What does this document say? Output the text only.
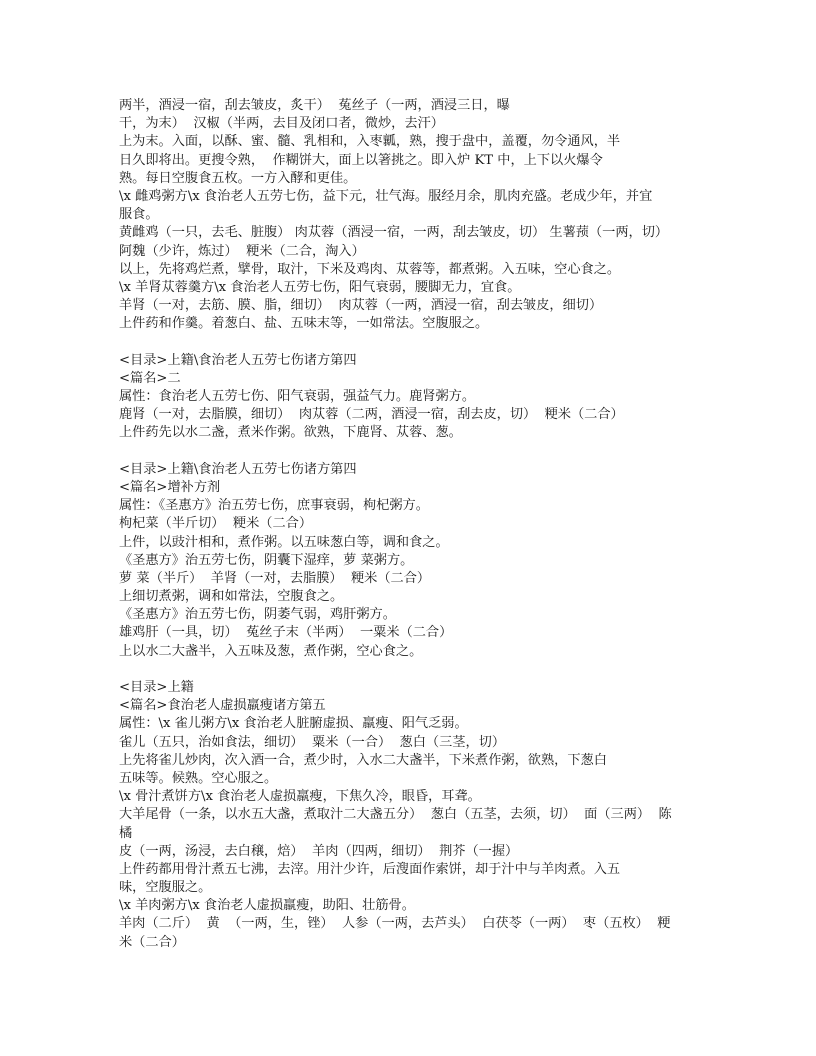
两半，酒浸一宿，刮去皱皮，炙干）  菟丝子（一两，酒浸三日，曝
干，为末）  汉椒（半两，去目及闭口者，微炒，去汗）
上为末。入面，以酥、蜜、髓、乳相和，入枣瓤，熟，搜于盘中，盖覆，勿令通风，半
日久即将出。更搜令熟，  作糊饼大，面上以箸挑之。即入炉 KT 中，上下以火爆令
熟。每日空腹食五枚。一方入酵和更佳。
\x 雌鸡粥方\x 食治老人五劳七伤，益下元，壮气海。服经月余，肌肉充盛。老成少年，并宜
服食。
黄雌鸡（一只，去毛、脏腹） 肉苁蓉（酒浸一宿，一两，刮去皱皮，切） 生薯蓣（一两，切）
阿魏（少许，炼过）  粳米（二合，淘入）
以上，先将鸡烂煮，擘骨，取汁，下米及鸡肉、苁蓉等，都煮粥。入五味，空心食之。
\x 羊肾苁蓉羹方\x 食治老人五劳七伤，阳气衰弱，腰脚无力，宜食。
羊肾（一对，去筋、膜、脂，细切）  肉苁蓉（一两，酒浸一宿，刮去皱皮，细切）
上件药和作羹。着葱白、盐、五味末等，一如常法。空腹服之。
<目录>上籍\食治老人五劳七伤诸方第四
<篇名>二
属性：食治老人五劳七伤、阳气衰弱，强益气力。鹿肾粥方。
鹿肾（一对，去脂膜，细切）  肉苁蓉（二两，酒浸一宿，刮去皮，切）  粳米（二合）
上件药先以水二盏，煮米作粥。欲熟，下鹿肾、苁蓉、葱。
<目录>上籍\食治老人五劳七伤诸方第四
<篇名>增补方剂
属性：《圣惠方》治五劳七伤，庶事衰弱，枸杞粥方。
枸杞菜（半斤切）  粳米（二合）
上件，以豉汁相和，煮作粥。以五味葱白等，调和食之。
《圣惠方》治五劳七伤，阴囊下湿痒，萝 菜粥方。
萝 菜（半斤）  羊肾（一对，去脂膜）  粳米（二合）
上细切煮粥，调和如常法，空腹食之。
《圣惠方》治五劳七伤，阴萎气弱，鸡肝粥方。
雄鸡肝（一具，切）  菟丝子末（半两）  一粟米（二合）
上以水二大盏半，入五味及葱，煮作粥，空心食之。
<目录>上籍
<篇名>食治老人虚损羸瘦诸方第五
属性：\x 雀儿粥方\x 食治老人脏腑虚损、羸瘦、阳气乏弱。
雀儿（五只，治如食法，细切）  粟米（一合）  葱白（三茎，切）
上先将雀儿炒肉，次入酒一合，煮少时，入水二大盏半，下米煮作粥，欲熟，下葱白
五味等。候熟。空心服之。
\x 骨汁煮饼方\x 食治老人虚损羸瘦，下焦久冷，眼昏，耳聋。
大羊尾骨（一条，以水五大盏，煮取汁二大盏五分）  葱白（五茎，去须，切）  面（三两）  陈
橘
皮（一两，汤浸，去白穣，焙）  羊肉（四两，细切）  荆芥（一握）
上件药都用骨汁煮五七沸，去滓。用汁少许，后溲面作索饼，却于汁中与羊肉煮。入五
味，空腹服之。
\x 羊肉粥方\x 食治老人虚损羸瘦，助阳、壮筋骨。
羊肉（二斤）  黄  （一两，生，锉）  人参（一两，去芦头）  白茯苓（一两）  枣（五枚）  粳
米（二合）
